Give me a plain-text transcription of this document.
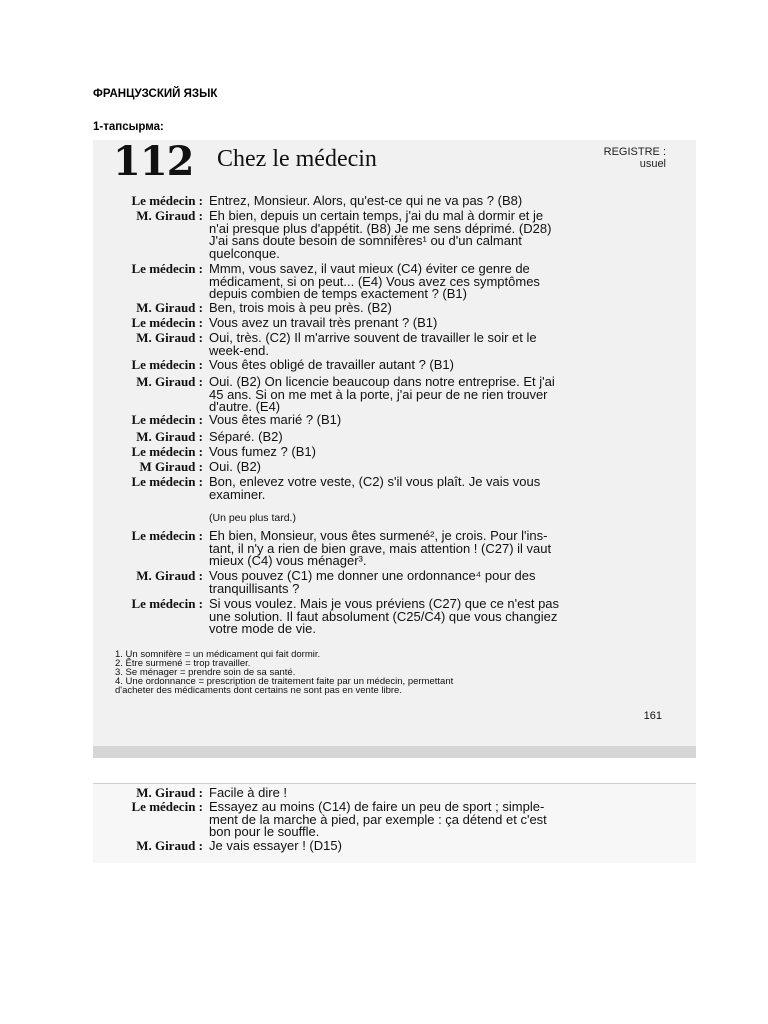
ФРАНЦУЗСКИЙ ЯЗЫК
1-тапсырма:
112 Chez le médecin	REGISTRE :
usuel
Le médecin : Entrez, Monsieur. Alors, qu'est-ce qui ne va pas ? (B8)
M. Giraud : Eh bien, depuis un certain temps, j'ai du mal à dormir et je
n'ai presque plus d'appétit. (B8) Je me sens déprimé. (D28)
J'ai sans doute besoin de somnifères¹ ou d'un calmant
quelconque.
Le médecin : Mmm, vous savez, il vaut mieux (C4) éviter ce genre de
médicament, si on peut... (E4) Vous avez ces symptômes
depuis combien de temps exactement ? (B1)
M. Giraud : Ben, trois mois à peu près. (B2)
Le médecin : Vous avez un travail très prenant ? (B1)
M. Giraud : Oui, très. (C2) Il m'arrive souvent de travailler le soir et le
week-end.
Le médecin : Vous êtes obligé de travailler autant ? (B1)
M. Giraud : Oui. (B2) On licencie beaucoup dans notre entreprise. Et j'ai
45 ans. Si on me met à la porte, j'ai peur de ne rien trouver
d'autre. (E4)
Le médecin : Vous êtes marié ? (B1)
M. Giraud : Séparé. (B2)
Le médecin : Vous fumez ? (B1)
M Giraud : Oui. (B2)
Le médecin : Bon, enlevez votre veste, (C2) s'il vous plaît. Je vais vous
examiner.
Le médecin : Eh bien, Monsieur, vous êtes surmené², je crois. Pour l'ins-
tant, il n'y a rien de bien grave, mais attention ! (C27) il vaut
mieux (C4) vous ménager³.
M. Giraud : Vous pouvez (C1) me donner une ordonnance⁴ pour des
tranquillisants ?
Le médecin : Si vous voulez. Mais je vous préviens (C27) que ce n'est pas
une solution. Il faut absolument (C25/C4) que vous changiez
votre mode de vie.
(Un peu plus tard.)
1. Un somnifère = un médicament qui fait dormir.
2. Être surmené = trop travailler.
3. Se ménager = prendre soin de sa santé.
4. Une ordonnance = prescription de traitement faite par un médecin, permettant
d'acheter des médicaments dont certains ne sont pas en vente libre.
161
M. Giraud : Facile à dire !
Le médecin : Essayez au moins (C14) de faire un peu de sport ; simple-
ment de la marche à pied, par exemple : ça détend et c'est
bon pour le souffle.
M. Giraud : Je vais essayer ! (D15)
